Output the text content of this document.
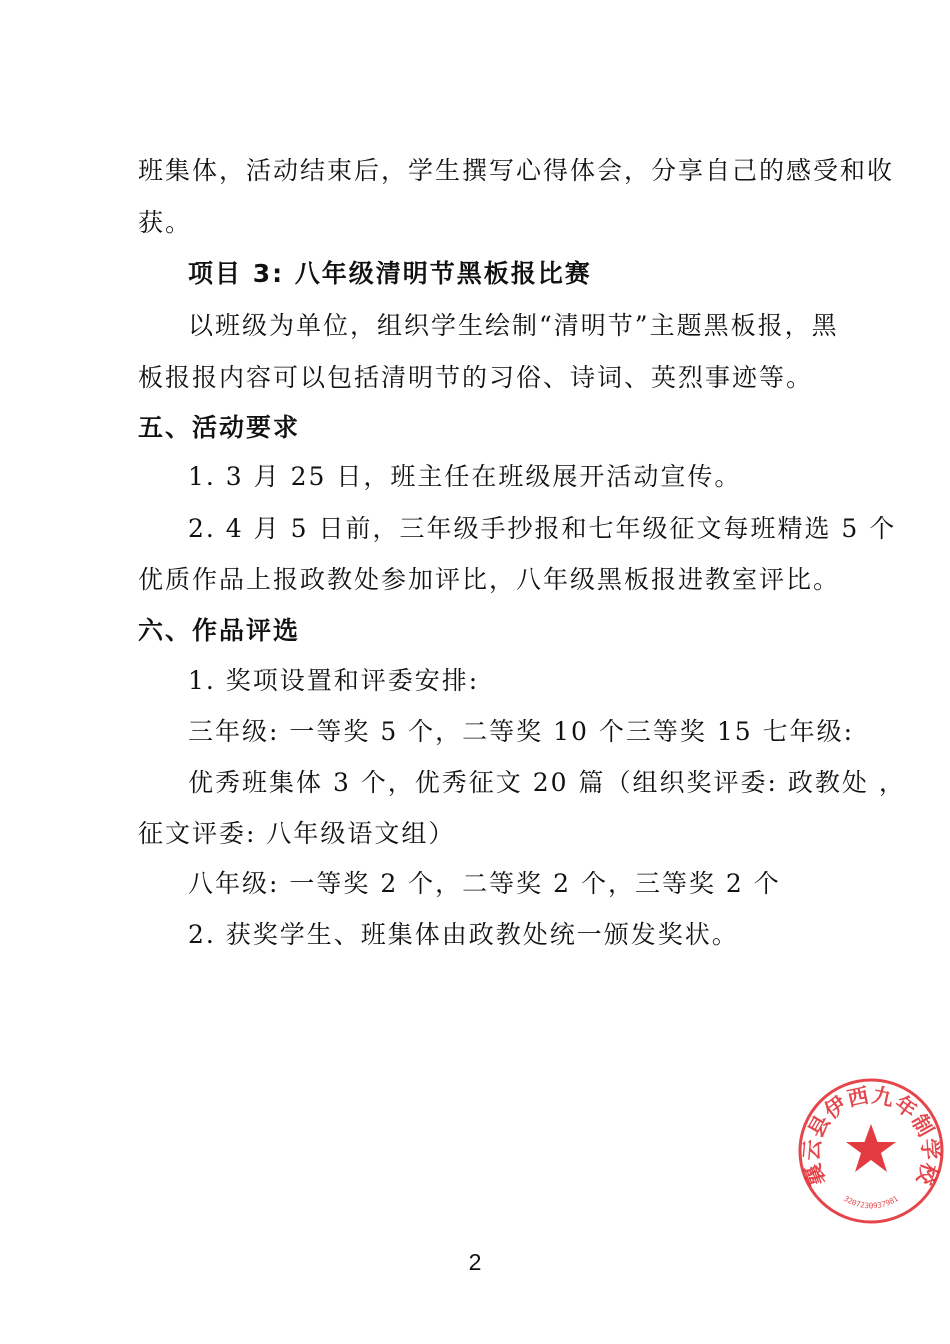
班集体，活动结束后，学生撰写心得体会，分享自己的感受和收
获。
项目 3: 八年级清明节黑板报比赛
以班级为单位，组织学生绘制“清明节”主题黑板报，黑
板报报内容可以包括清明节的习俗、诗词、英烈事迹等。
五、活动要求
1. 3 月 25 日，班主任在班级展开活动宣传。
2. 4 月 5 日前，三年级手抄报和七年级征文每班精选 5 个
优质作品上报政教处参加评比，八年级黑板报进教室评比。
六、作品评选
1. 奖项设置和评委安排:
三年级: 一等奖 5 个，二等奖 10 个三等奖 15 七年级:
优秀班集体 3 个，优秀征文 20 篇（组织奖评委: 政教处 ，
征文评委: 八年级语文组）
八年级: 一等奖 2 个，二等奖 2 个，三等奖 2 个
2. 获奖学生、班集体由政教处统一颁发奖状。
襄云县伊西九年制学校
3207230937981
2
